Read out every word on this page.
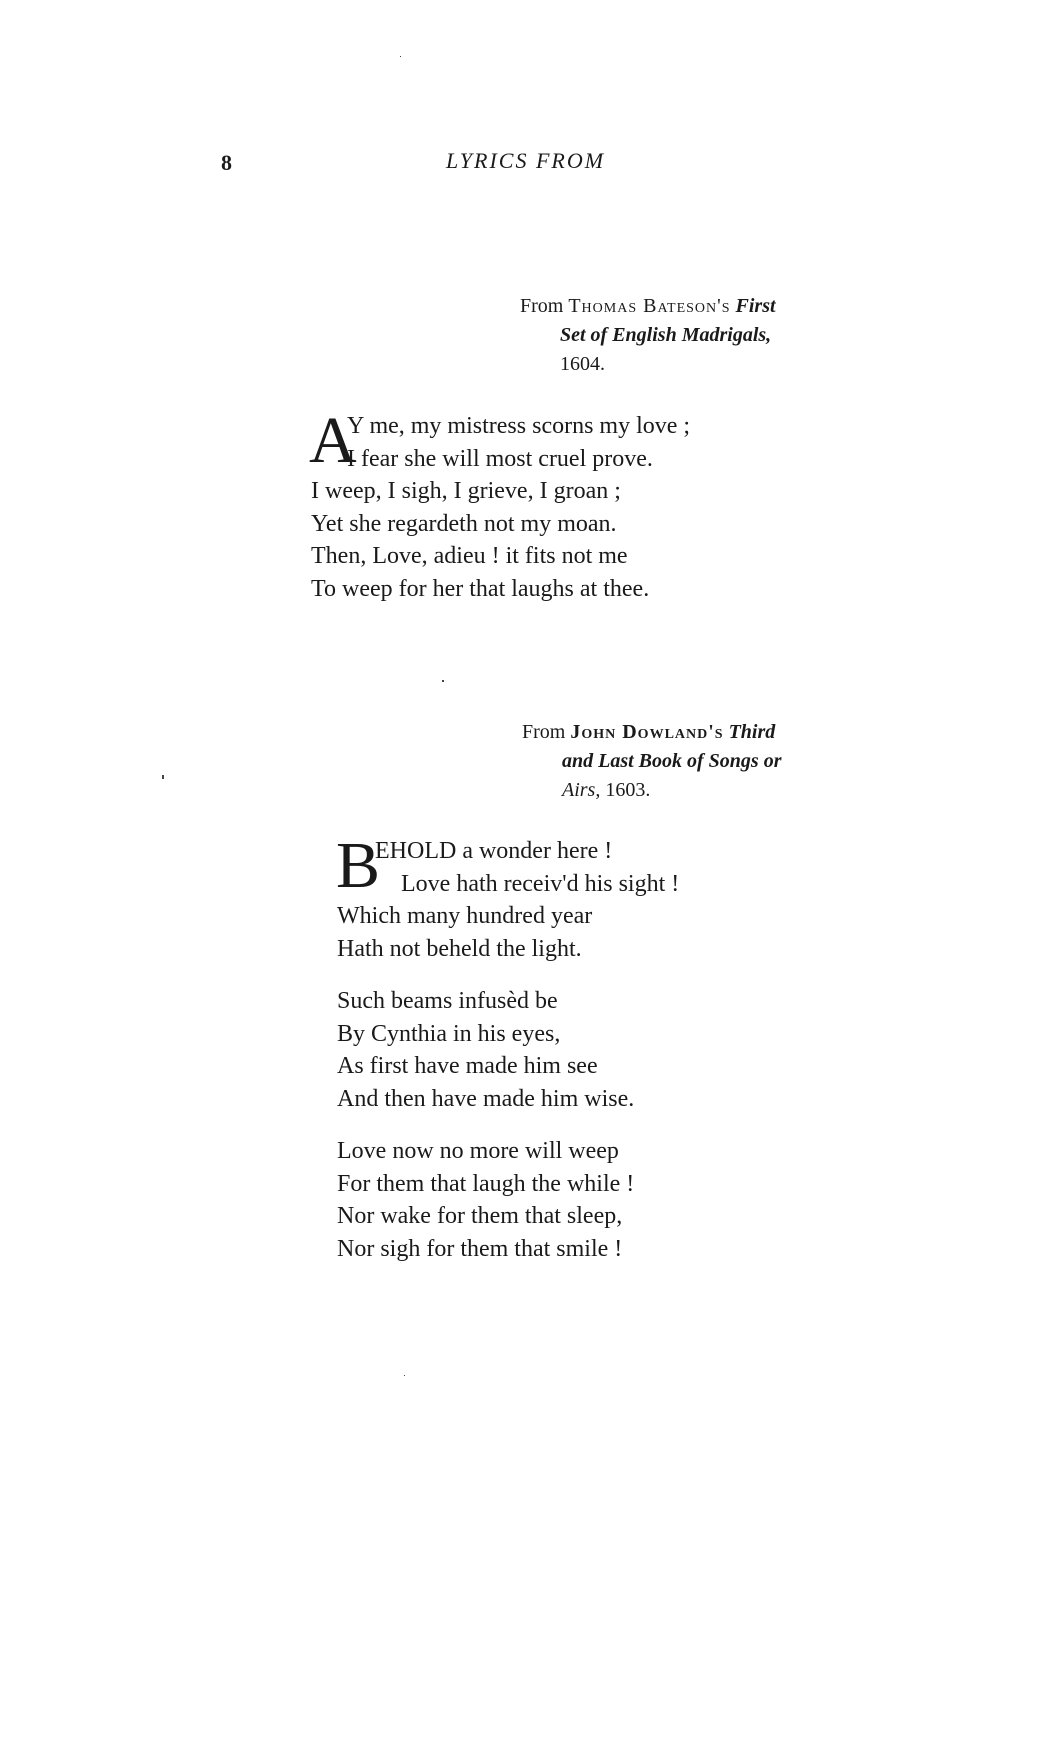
8	LYRICS FROM
From Thomas Bateson's First
Set of English Madrigals,
1604.
A
Y me, my mistress scorns my love ;
I fear she will most cruel prove.
I weep, I sigh, I grieve, I groan ;
Yet she regardeth not my moan.
Then, Love, adieu ! it fits not me
To weep for her that laughs at thee.
From John Dowland's Third
and Last Book of Songs or
Airs, 1603.
B
EHOLD a wonder here !
Love hath receiv'd his sight !
Which many hundred year
Hath not beheld the light.
Such beams infusèd be
By Cynthia in his eyes,
As first have made him see
And then have made him wise.
Love now no more will weep
For them that laugh the while !
Nor wake for them that sleep,
Nor sigh for them that smile !
